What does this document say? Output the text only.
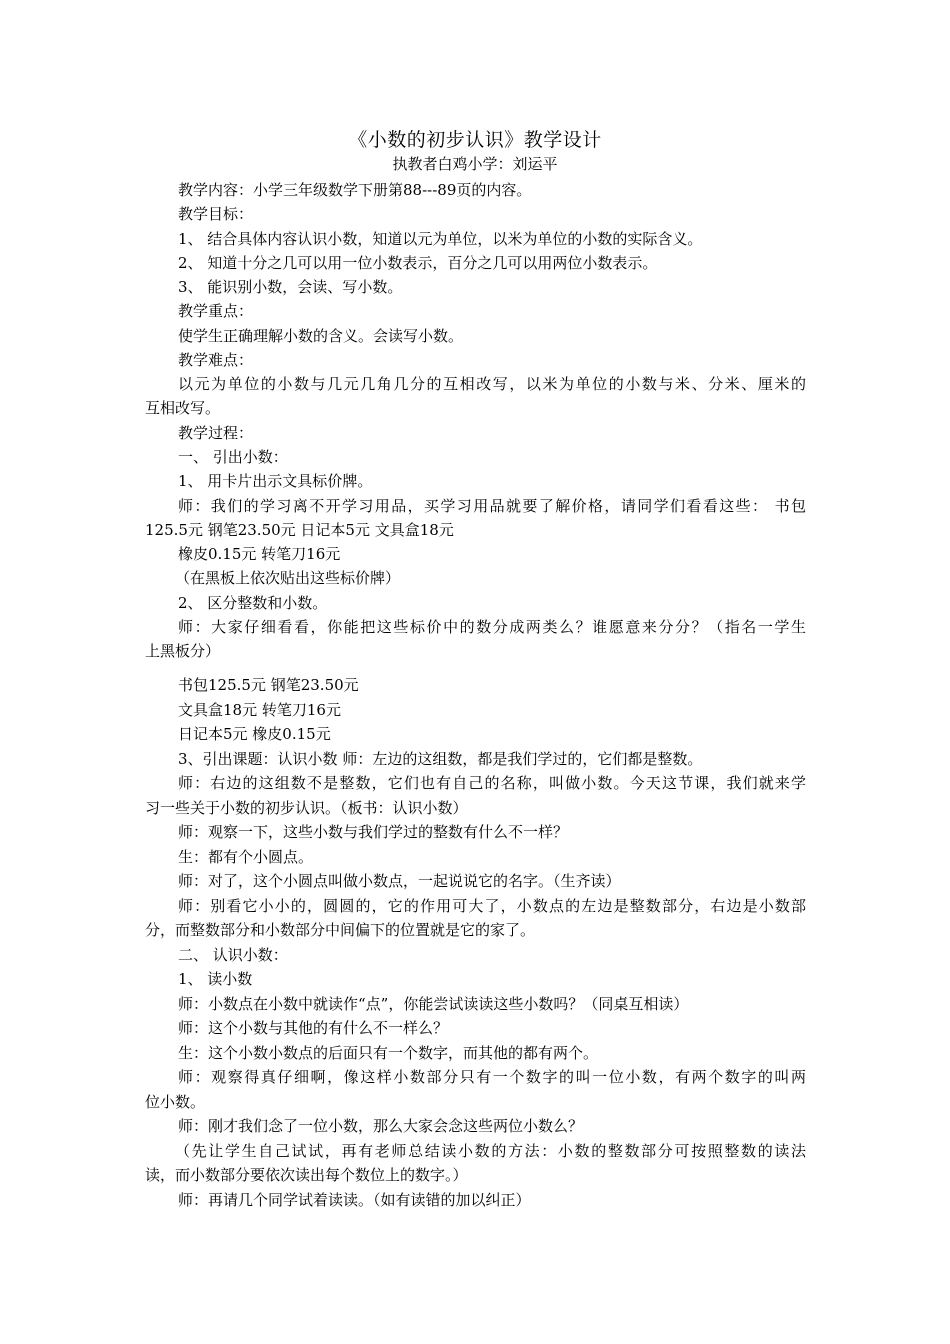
《小数的初步认识》教学设计
执教者白鸡小学：刘运平
教学内容：小学三年级数学下册第88---89页的内容。
教学目标：
1、 结合具体内容认识小数，知道以元为单位，以米为单位的小数的实际含义。
2、 知道十分之几可以用一位小数表示，百分之几可以用两位小数表示。
3、 能识别小数，会读、写小数。
教学重点：
使学生正确理解小数的含义。会读写小数。
教学难点：
以元为单位的小数与几元几角几分的互相改写，以米为单位的小数与米、分米、厘米的
互相改写。
教学过程：
一、 引出小数：
1、 用卡片出示文具标价牌。
师：我们的学习离不开学习用品，买学习用品就要了解价格，请同学们看看这些： 书包
125.5元 钢笔23.50元 日记本5元 文具盒18元
橡皮0.15元 转笔刀16元
（在黑板上依次贴出这些标价牌）
2、 区分整数和小数。
师：大家仔细看看，你能把这些标价中的数分成两类么？谁愿意来分分？（指名一学生
上黑板分）
书包125.5元 钢笔23.50元
文具盒18元 转笔刀16元
日记本5元 橡皮0.15元
3、引出课题：认识小数 师：左边的这组数，都是我们学过的，它们都是整数。
师：右边的这组数不是整数，它们也有自己的名称，叫做小数。今天这节课，我们就来学
习一些关于小数的初步认识。（板书：认识小数）
师：观察一下，这些小数与我们学过的整数有什么不一样？
生：都有个小圆点。
师：对了，这个小圆点叫做小数点，一起说说它的名字。（生齐读）
师：别看它小小的，圆圆的，它的作用可大了，小数点的左边是整数部分，右边是小数部
分，而整数部分和小数部分中间偏下的位置就是它的家了。
二、 认识小数：
1、 读小数
师：小数点在小数中就读作“点”，你能尝试读读这些小数吗？（同桌互相读）
师：这个小数与其他的有什么不一样么？
生：这个小数小数点的后面只有一个数字，而其他的都有两个。
师：观察得真仔细啊，像这样小数部分只有一个数字的叫一位小数，有两个数字的叫两
位小数。
师：刚才我们念了一位小数，那么大家会念这些两位小数么？
（先让学生自己试试，再有老师总结读小数的方法：小数的整数部分可按照整数的读法
读，而小数部分要依次读出每个数位上的数字。）
师：再请几个同学试着读读。（如有读错的加以纠正）
